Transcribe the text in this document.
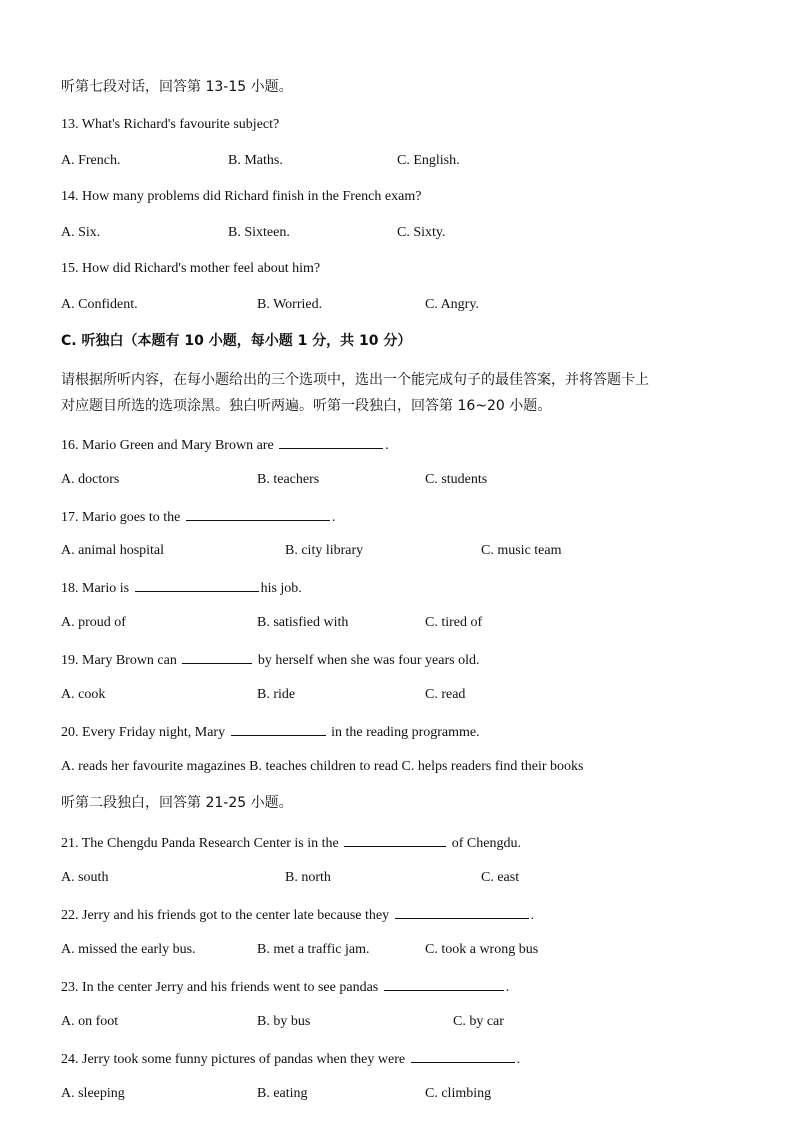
听第七段对话，回答第 13-15 小题。
13. What's Richard's favourite subject?
A. French.	B. Maths.	C. English.
14. How many problems did Richard finish in the French exam?
A. Six.	B. Sixteen.	C. Sixty.
15. How did Richard's mother feel about him?
A. Confident.	B. Worried.	C. Angry.
C. 听独白（本题有 10 小题，每小题 1 分，共 10 分）
请根据所听内容，在每小题给出的三个选项中，选出一个能完成句子的最佳答案，并将答题卡上
对应题目所选的选项涂黑。独白听两遍。听第一段独白，回答第 16~20 小题。
16. Mario Green and Mary Brown are	.
A. doctors	B. teachers	C. students
17. Mario goes to the	.
A. animal hospital	B. city library	C. music team
18. Mario is	his job.
A. proud of	B. satisfied with	C. tired of
19. Mary Brown can	by herself when she was four years old.
A. cook	B. ride	C. read
20. Every Friday night, Mary	in the reading programme.
A. reads her favourite magazines B. teaches children to read C. helps readers find their books
听第二段独白，回答第 21-25 小题。
21. The Chengdu Panda Research Center is in the	of Chengdu.
A. south	B. north	C. east
22. Jerry and his friends got to the center late because they	.
A. missed the early bus.	B. met a traffic jam.	C. took a wrong bus
23. In the center Jerry and his friends went to see pandas	.
A. on foot	B. by bus	C. by car
24. Jerry took some funny pictures of pandas when they were	.
A. sleeping	B. eating	C. climbing
